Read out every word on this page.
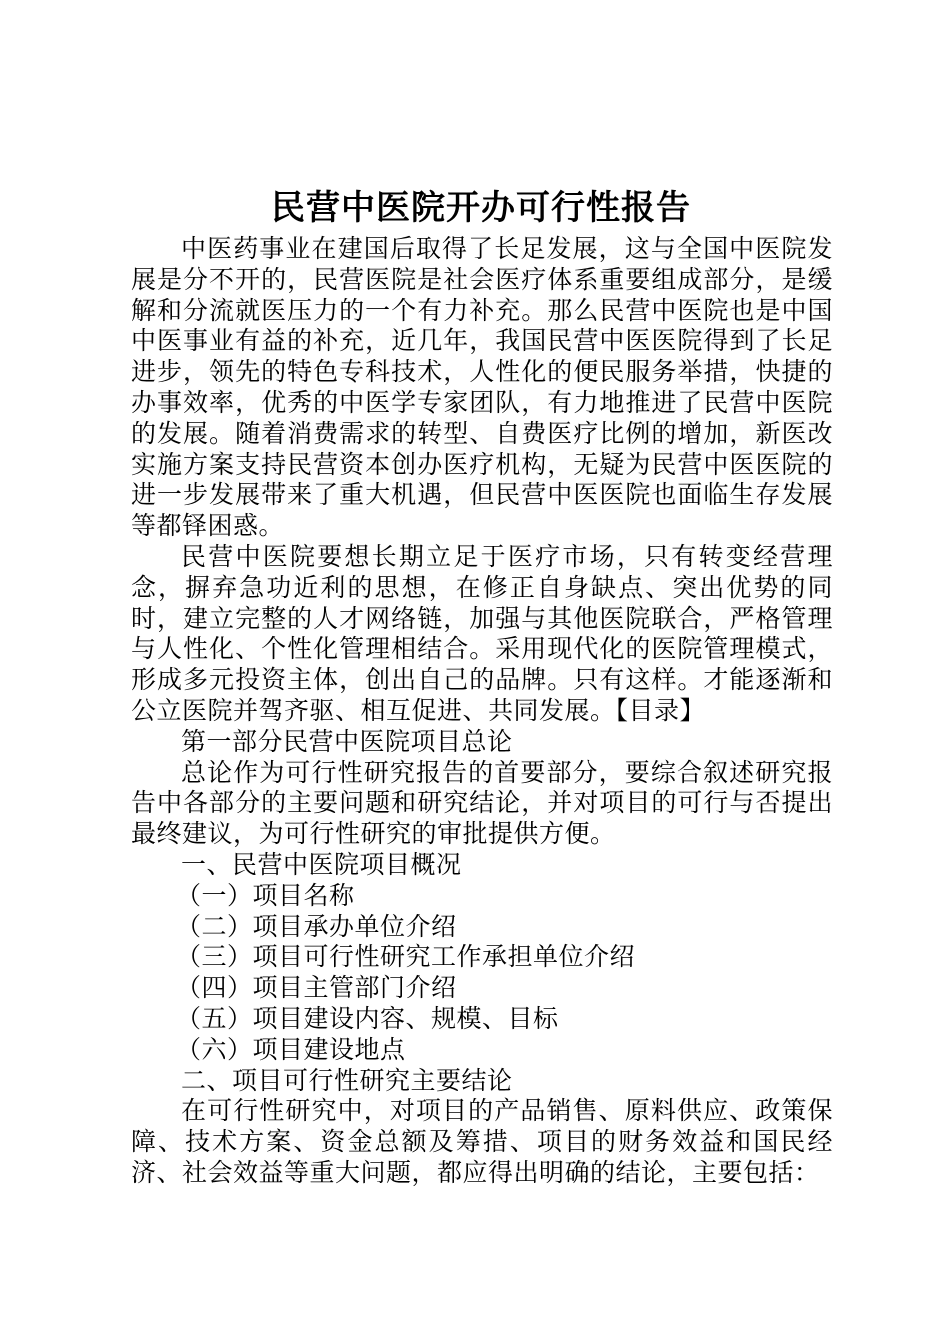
民营中医院开办可行性报告

中医药事业在建国后取得了长足发展，这与全国中医院发展是分不开的，民营医院是社会医疗体系重要组成部分，是缓解和分流就医压力的一个有力补充。那么民营中医院也是中国中医事业有益的补充，近几年，我国民营中医医院得到了长足进步，领先的特色专科技术，人性化的便民服务举措，快捷的办事效率，优秀的中医学专家团队，有力地推进了民营中医院的发展。随着消费需求的转型、自费医疗比例的增加，新医改实施方案支持民营资本创办医疗机构，无疑为民营中医医院的进一步发展带来了重大机遇，但民营中医医院也面临生存发展等都铎困惑。

民营中医院要想长期立足于医疗市场，只有转变经营理念，摒弃急功近利的思想，在修正自身缺点、突出优势的同时，建立完整的人才网络链，加强与其他医院联合，严格管理与人性化、个性化管理相结合。采用现代化的医院管理模式，形成多元投资主体，创出自己的品牌。只有这样。才能逐渐和公立医院并驾齐驱、相互促进、共同发展。【目录】

第一部分民营中医院项目总论

总论作为可行性研究报告的首要部分，要综合叙述研究报告中各部分的主要问题和研究结论，并对项目的可行与否提出最终建议，为可行性研究的审批提供方便。

一、民营中医院项目概况

（一）项目名称

（二）项目承办单位介绍

（三）项目可行性研究工作承担单位介绍

（四）项目主管部门介绍

（五）项目建设内容、规模、目标

（六）项目建设地点

二、项目可行性研究主要结论

在可行性研究中，对项目的产品销售、原料供应、政策保障、技术方案、资金总额及筹措、项目的财务效益和国民经济、社会效益等重大问题，都应得出明确的结论，主要包括：
